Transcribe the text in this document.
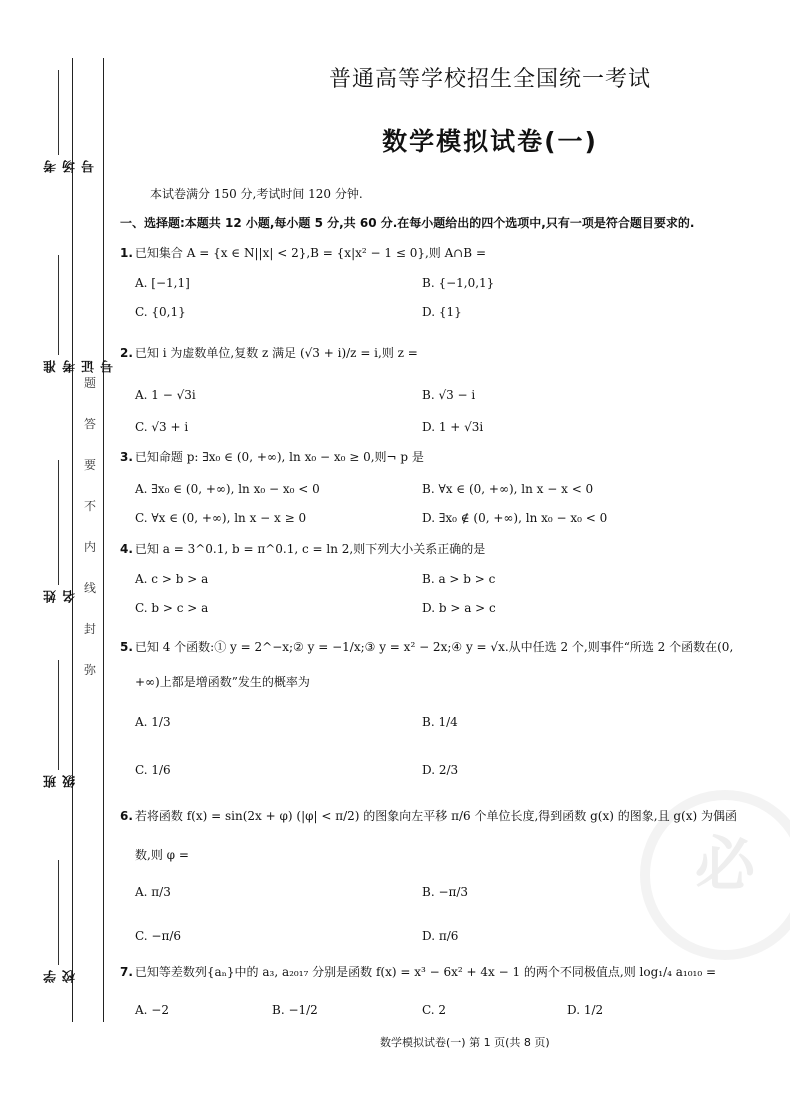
考场号
准考证号
姓名
班级
学校
题
答
要
不
内
线
封
弥
普通高等学校招生全国统一考试
数学模拟试卷(一)
必
本试卷满分 150 分,考试时间 120 分钟.
一、选择题:本题共 12 小题,每小题 5 分,共 60 分.在每小题给出的四个选项中,只有一项是符合题目要求的.
1. 已知集合 A = {x ∈ N||x| < 2},B = {x|x² − 1 ≤ 0},则 A∩B =
A. [−1,1]	B. {−1,0,1}
C. {0,1}	D. {1}
2. 已知 i 为虚数单位,复数 z 满足 (√3 + i)/z = i,则 z =
A. 1 − √3i	B. √3 − i
C. √3 + i	D. 1 + √3i
3. 已知命题 p: ∃x₀ ∈ (0, +∞), ln x₀ − x₀ ≥ 0,则¬ p 是
A. ∃x₀ ∈ (0, +∞), ln x₀ − x₀ < 0	B. ∀x ∈ (0, +∞), ln x − x < 0
C. ∀x ∈ (0, +∞), ln x − x ≥ 0	D. ∃x₀ ∉ (0, +∞), ln x₀ − x₀ < 0
4. 已知 a = 3^0.1, b = π^0.1, c = ln 2,则下列大小关系正确的是
A. c > b > a	B. a > b > c
C. b > c > a	D. b > a > c
5. 已知 4 个函数:① y = 2^−x;② y = −1/x;③ y = x² − 2x;④ y = √x.从中任选 2 个,则事件“所选 2 个函数在(0,
+∞)上都是增函数”发生的概率为
A. 1/3	B. 1/4
C. 1/6	D. 2/3
6. 若将函数 f(x) = sin(2x + φ) (|φ| < π/2) 的图象向左平移 π/6 个单位长度,得到函数 g(x) 的图象,且 g(x) 为偶函
数,则 φ =
A. π/3	B. −π/3
C. −π/6	D. π/6
7. 已知等差数列{aₙ}中的 a₃, a₂₀₁₇ 分别是函数 f(x) = x³ − 6x² + 4x − 1 的两个不同极值点,则 log₁/₄ a₁₀₁₀ =
A. −2	B. −1/2	C. 2	D. 1/2
数学模拟试卷(一) 第 1 页(共 8 页)
